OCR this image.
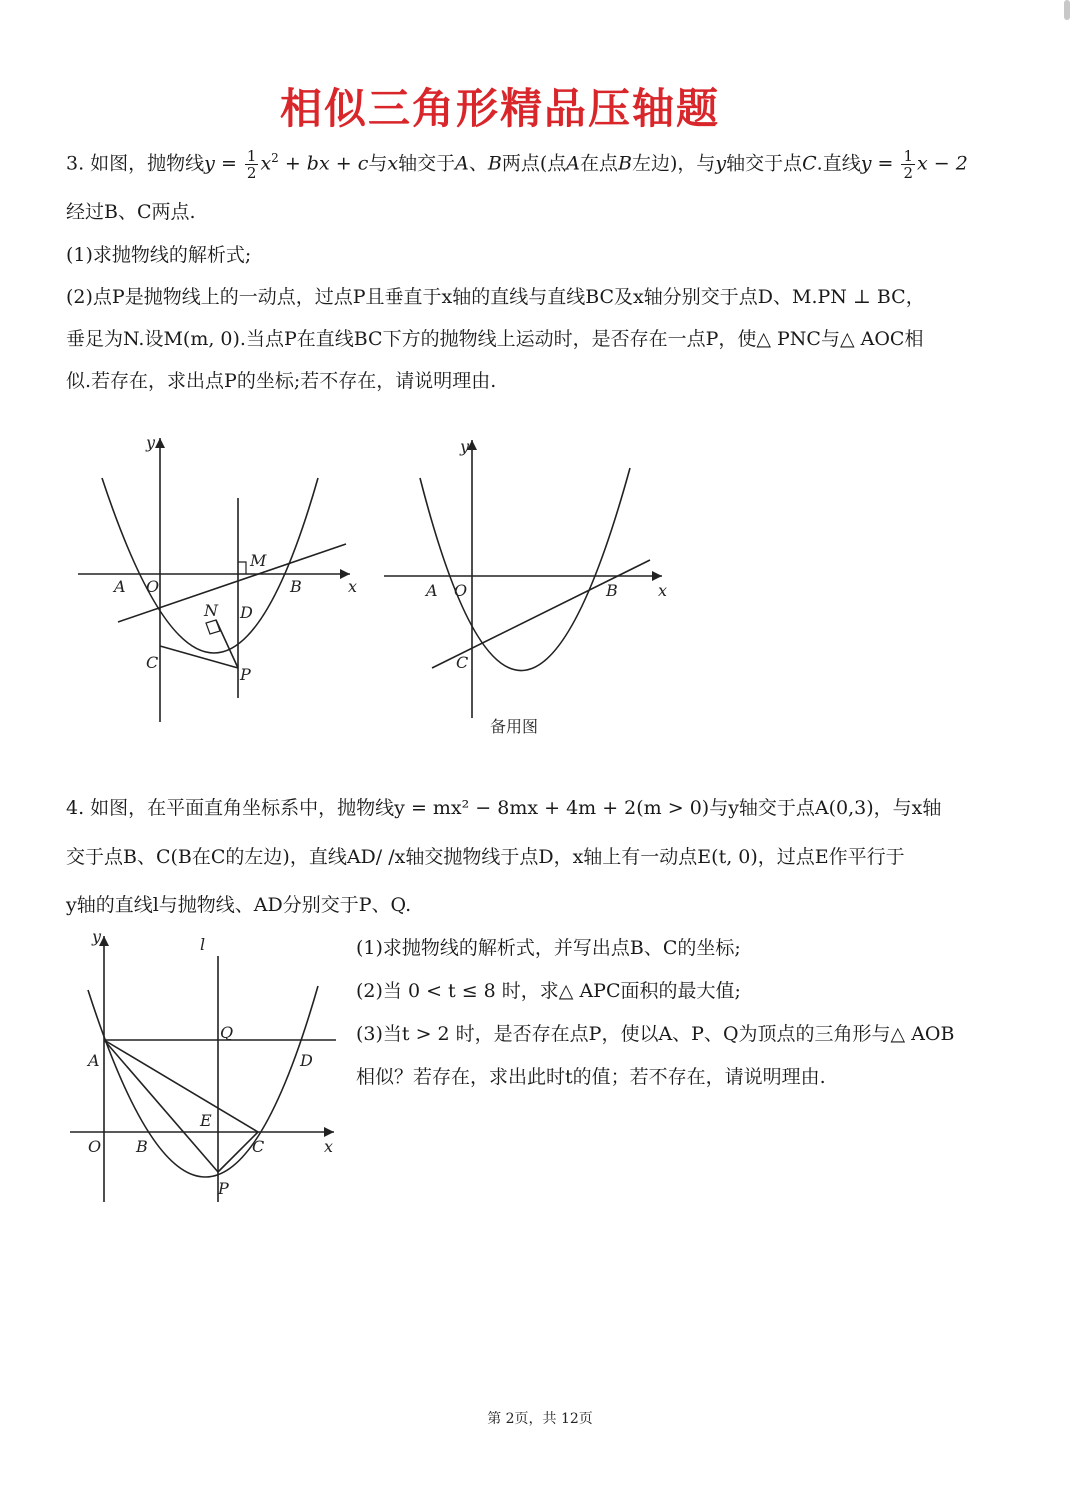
相似三角形精品压轴题
3. 如图，抛物线$y = \frac{1}{2} x^2$ + bx + c与x轴交于A、B两点(点A在点B左边)，与y轴交于点C.直线$y = \frac{1}{2}$ x − 2
经过B、C两点.
(1)求抛物线的解析式;
(2)点P是抛物线上的一动点，过点P且垂直于x轴的直线与直线BC及x轴分别交于点D、M.PN ⊥ BC，
垂足为N.设M(m, 0).当点P在直线BC下方的抛物线上运动时，是否存在一点P，使△ PNC与△ AOC相
似.若存在，求出点P的坐标;若不存在，请说明理由.
y
x
A O	B
C
M
N D
P
y
x
A O	B
C
备用图
4. 如图，在平面直角坐标系中，抛物线y = mx² − 8mx + 4m + 2(m > 0)与y轴交于点A(0,3)，与x轴
交于点B、C(B在C的左边)，直线AD/ /x轴交抛物线于点D，x轴上有一动点E(t, 0)，过点E作平行于
y轴的直线l与抛物线、AD分别交于P、Q.
y	l
Q
A	D
E
O B	C	x
P
(1)求抛物线的解析式，并写出点B、C的坐标;
(2)当 0 < t ≤ 8 时，求△ APC面积的最大值;
(3)当t > 2 时，是否存在点P，使以A、P、Q为顶点的三角形与△ AOB
相似？若存在，求出此时t的值；若不存在，请说明理由.
第 2页，共 12页
